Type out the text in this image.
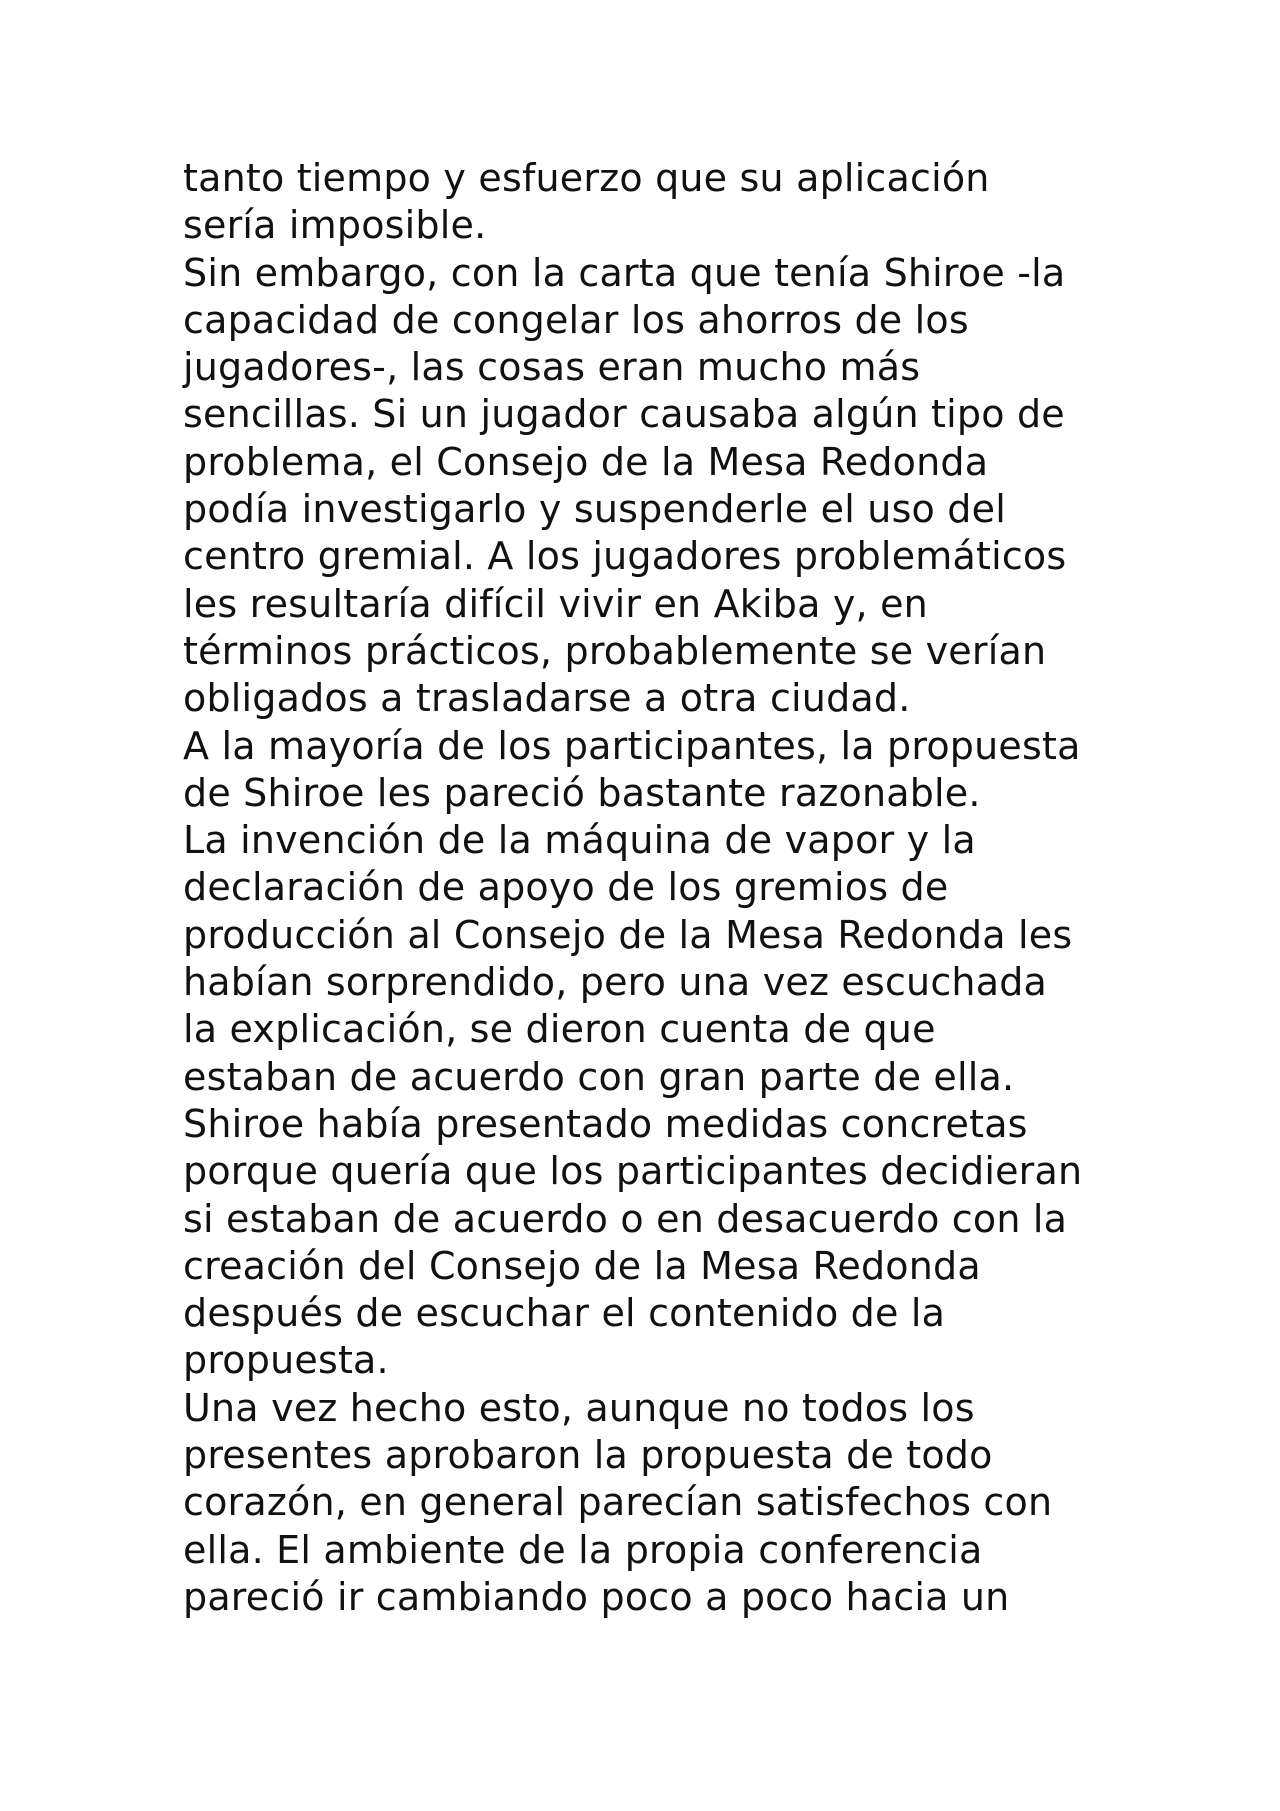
tanto tiempo y esfuerzo que su aplicación
sería imposible.
Sin embargo, con la carta que tenía Shiroe -la
capacidad de congelar los ahorros de los
jugadores-, las cosas eran mucho más
sencillas. Si un jugador causaba algún tipo de
problema, el Consejo de la Mesa Redonda
podía investigarlo y suspenderle el uso del
centro gremial. A los jugadores problemáticos
les resultaría difícil vivir en Akiba y, en
términos prácticos, probablemente se verían
obligados a trasladarse a otra ciudad.
A la mayoría de los participantes, la propuesta
de Shiroe les pareció bastante razonable.
La invención de la máquina de vapor y la
declaración de apoyo de los gremios de
producción al Consejo de la Mesa Redonda les
habían sorprendido, pero una vez escuchada
la explicación, se dieron cuenta de que
estaban de acuerdo con gran parte de ella.
Shiroe había presentado medidas concretas
porque quería que los participantes decidieran
si estaban de acuerdo o en desacuerdo con la
creación del Consejo de la Mesa Redonda
después de escuchar el contenido de la
propuesta.
Una vez hecho esto, aunque no todos los
presentes aprobaron la propuesta de todo
corazón, en general parecían satisfechos con
ella. El ambiente de la propia conferencia
pareció ir cambiando poco a poco hacia un
